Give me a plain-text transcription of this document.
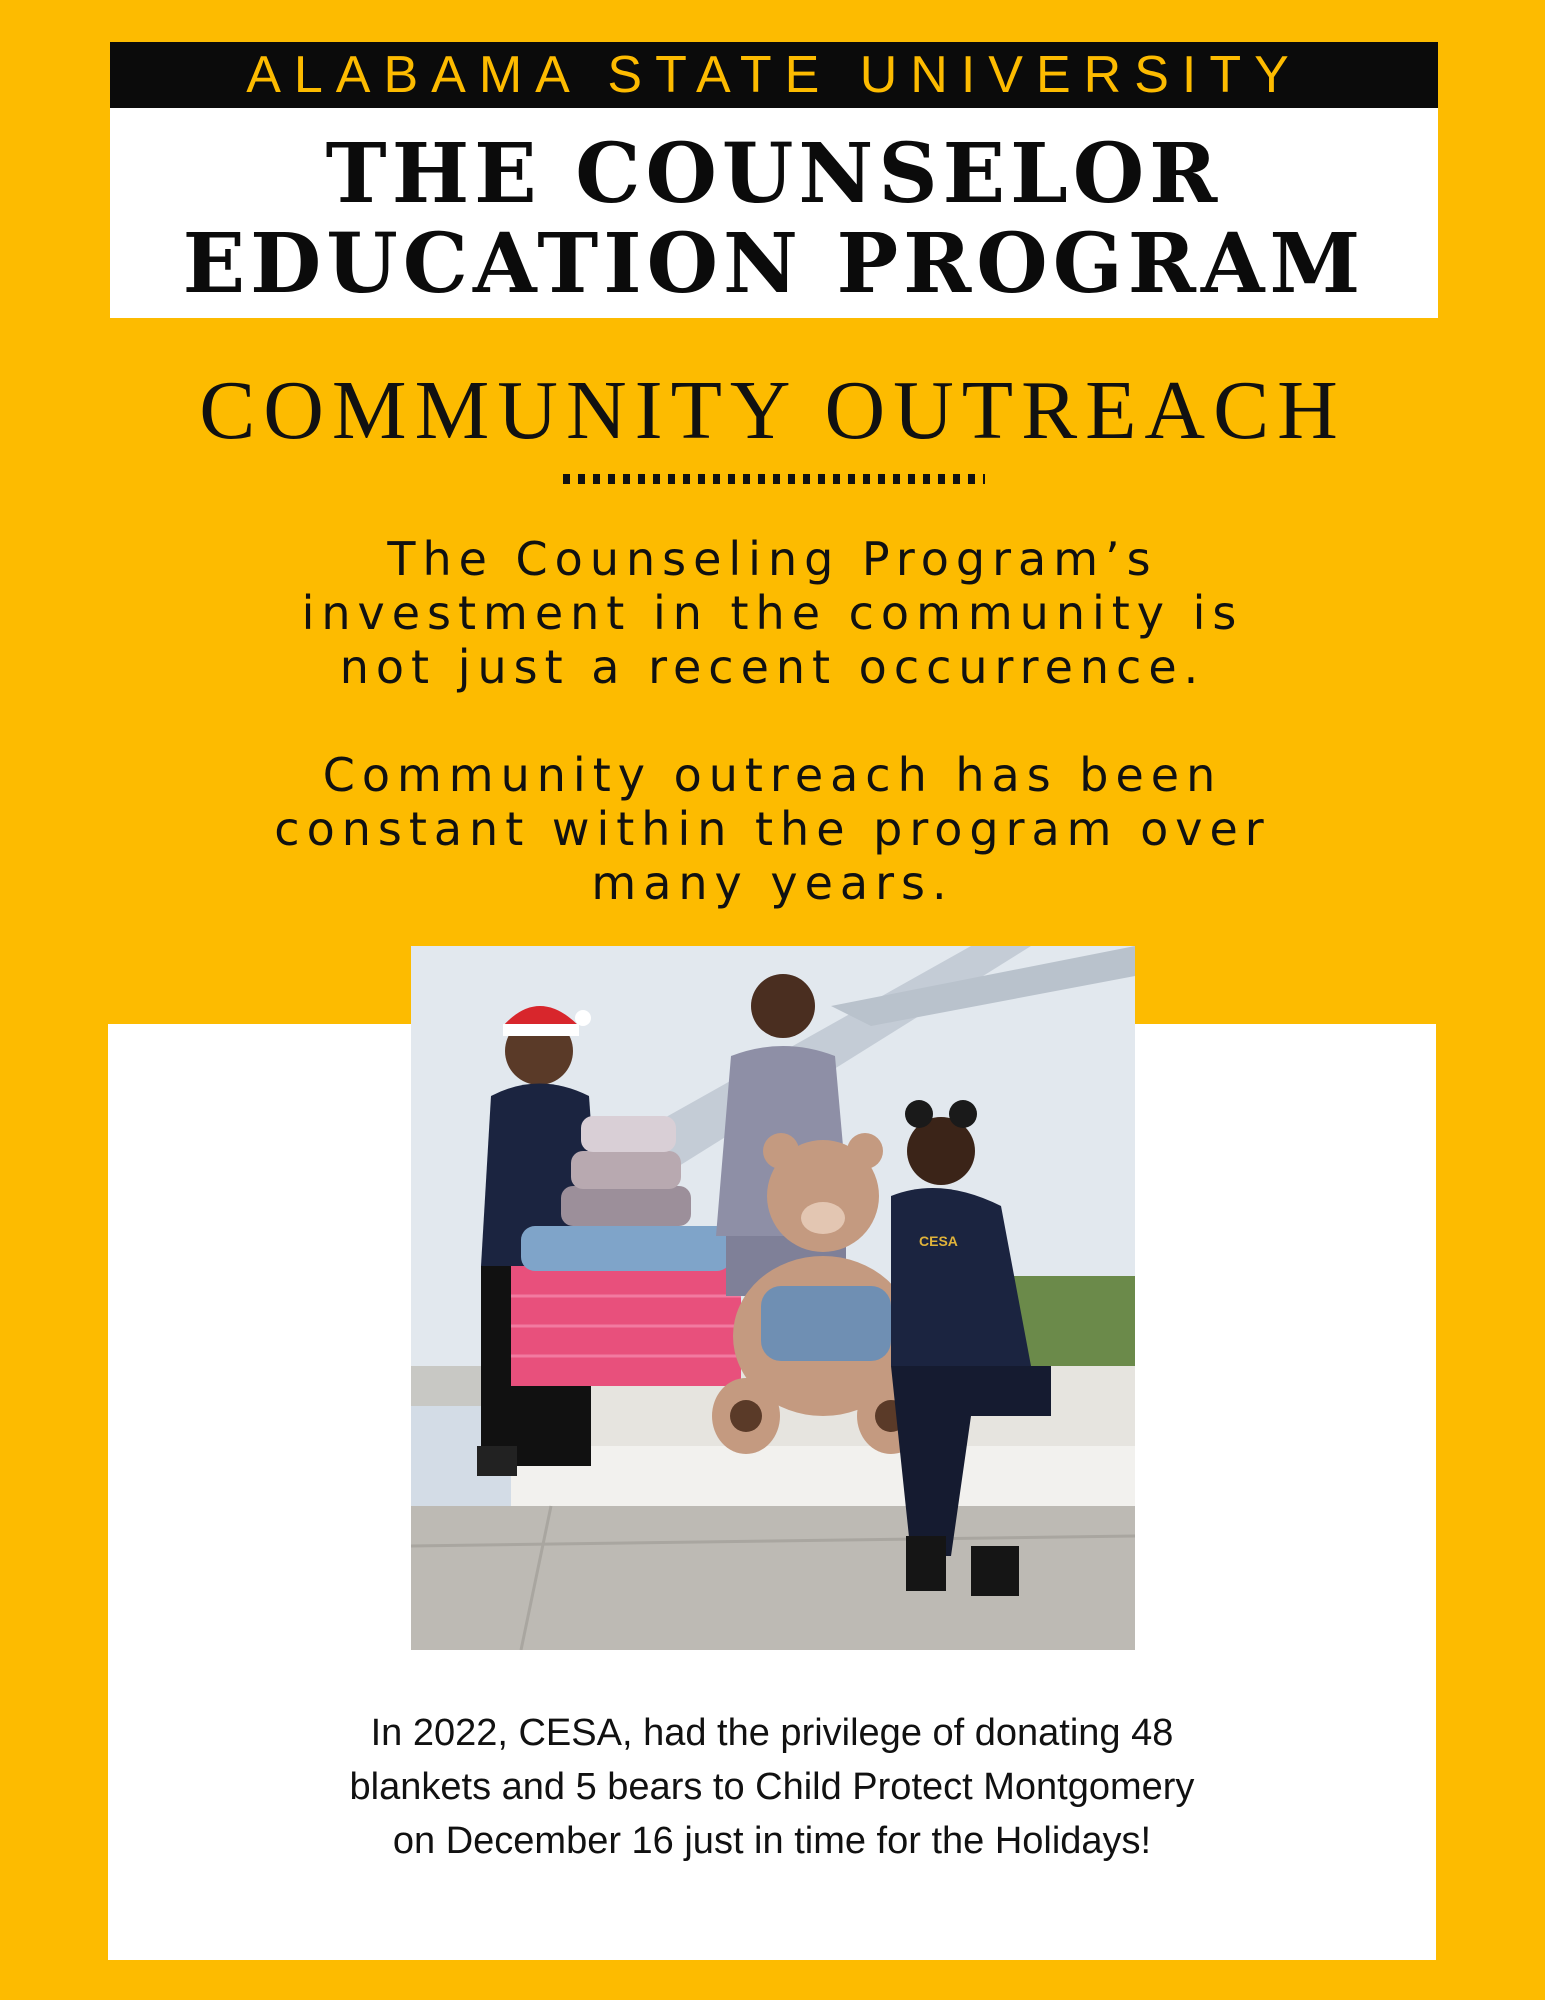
ALABAMA STATE UNIVERSITY
THE COUNSELOR
EDUCATION PROGRAM
COMMUNITY OUTREACH
The Counseling Program’s
investment in the community is
not just a recent occurrence.
Community outreach has been
constant within the program over
many years.
CESA
In 2022, CESA, had the privilege of donating 48
blankets and 5 bears to Child Protect Montgomery
on December 16 just in time for the Holidays!
